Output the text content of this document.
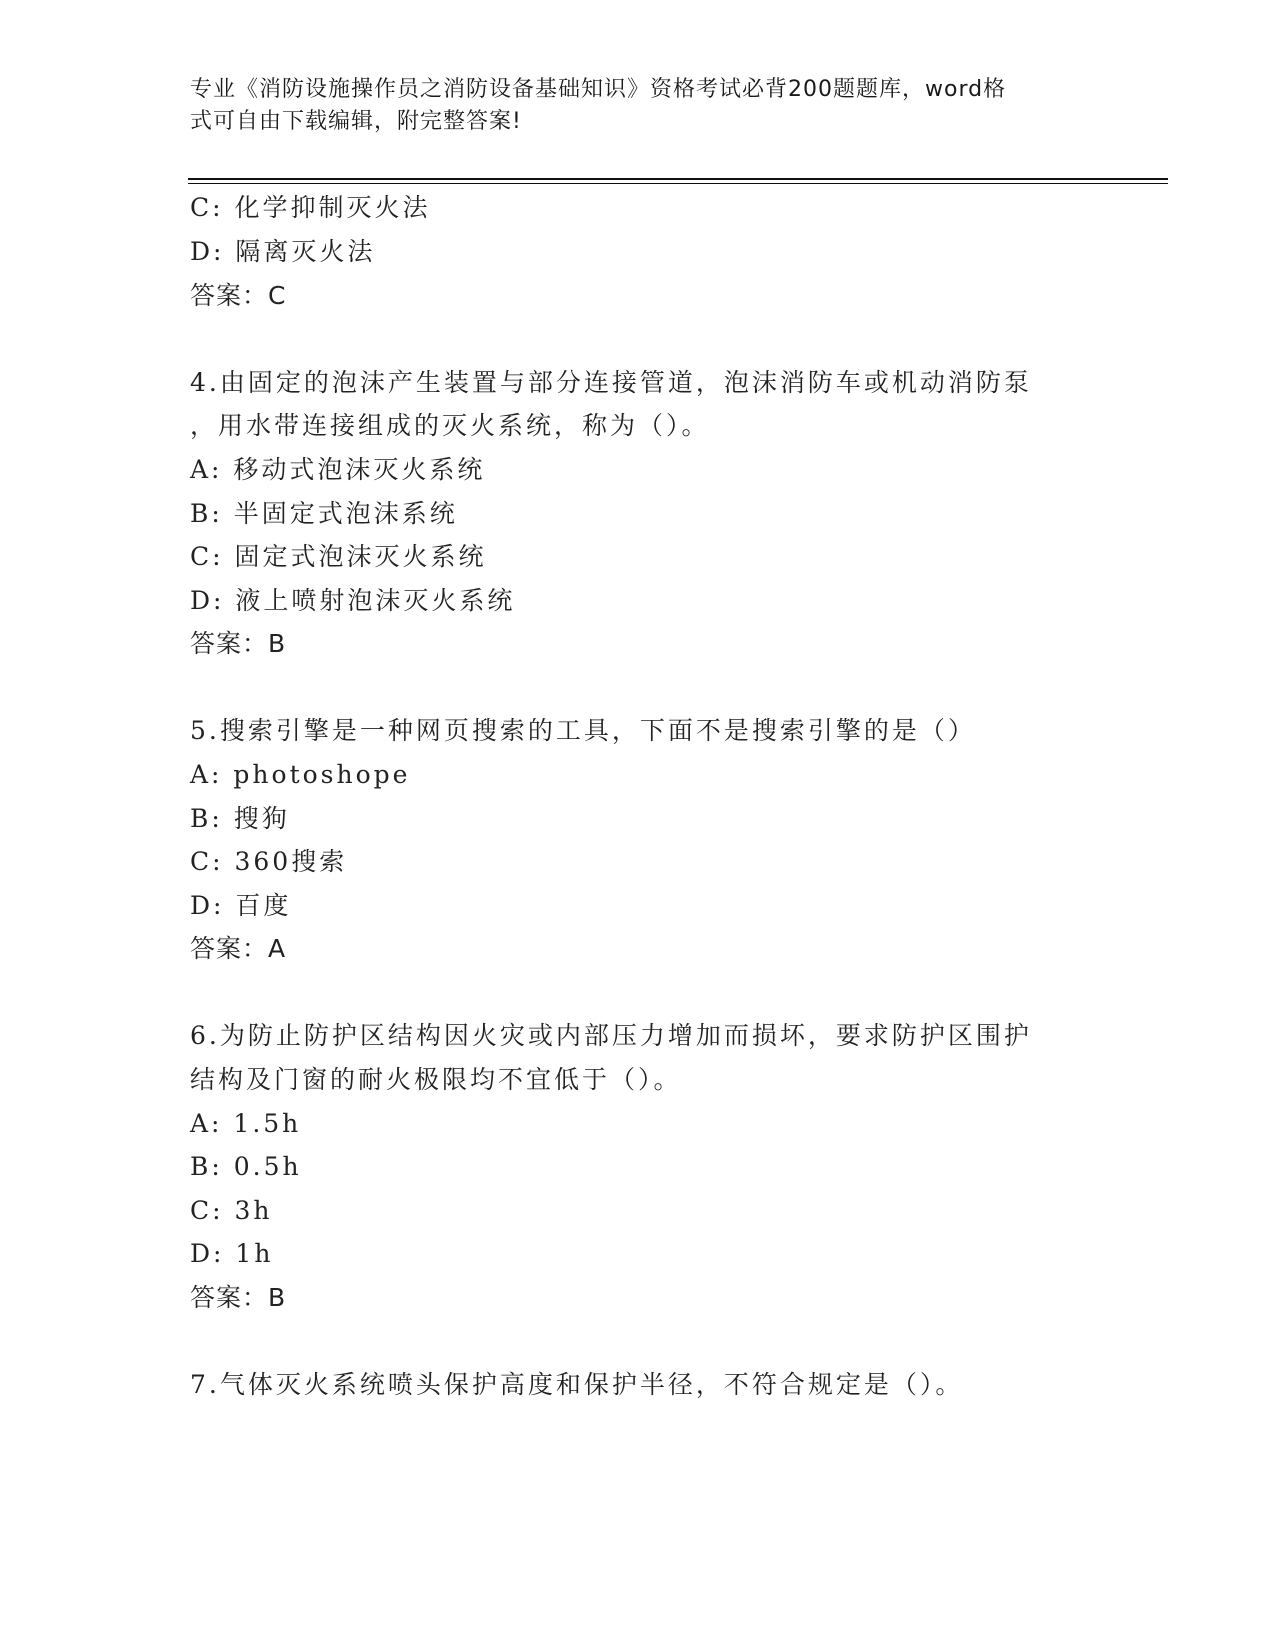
专业《消防设施操作员之消防设备基础知识》资格考试必背200题题库，word格
式可自由下载编辑，附完整答案!
C: 化学抑制灭火法
D: 隔离灭火法
答案：C
4.由固定的泡沫产生装置与部分连接管道，泡沫消防车或机动消防泵
，用水带连接组成的灭火系统，称为（）。
A: 移动式泡沫灭火系统
B: 半固定式泡沫系统
C: 固定式泡沫灭火系统
D: 液上喷射泡沫灭火系统
答案：B
5.搜索引擎是一种网页搜索的工具，下面不是搜索引擎的是（）
A: photoshope
B: 搜狗
C: 360搜索
D: 百度
答案：A
6.为防止防护区结构因火灾或内部压力增加而损坏，要求防护区围护
结构及门窗的耐火极限均不宜低于（）。
A: 1.5h
B: 0.5h
C: 3h
D: 1h
答案：B
7.气体灭火系统喷头保护高度和保护半径，不符合规定是（）。
